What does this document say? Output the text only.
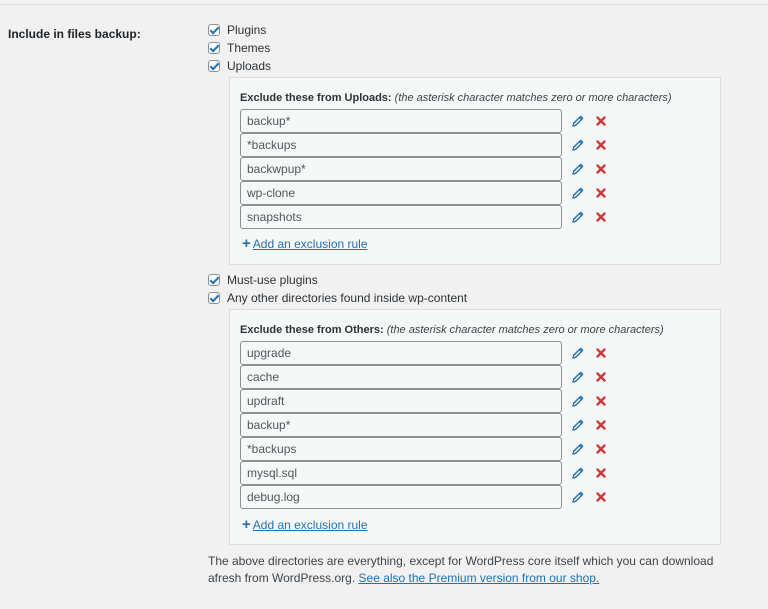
Include in files backup:	Plugins
Themes
Uploads
Exclude these from Uploads: (the asterisk character matches zero or more characters)
backup*
*backups
backwpup*
wp-clone
snapshots
+ Add an exclusion rule
Must-use plugins
Any other directories found inside wp-content
Exclude these from Others: (the asterisk character matches zero or more characters)
upgrade
cache
updraft
backup*
*backups
mysql.sql
debug.log
+ Add an exclusion rule
The above directories are everything, except for WordPress core itself which you can download afresh from WordPress.org. See also the Premium version from our shop.
